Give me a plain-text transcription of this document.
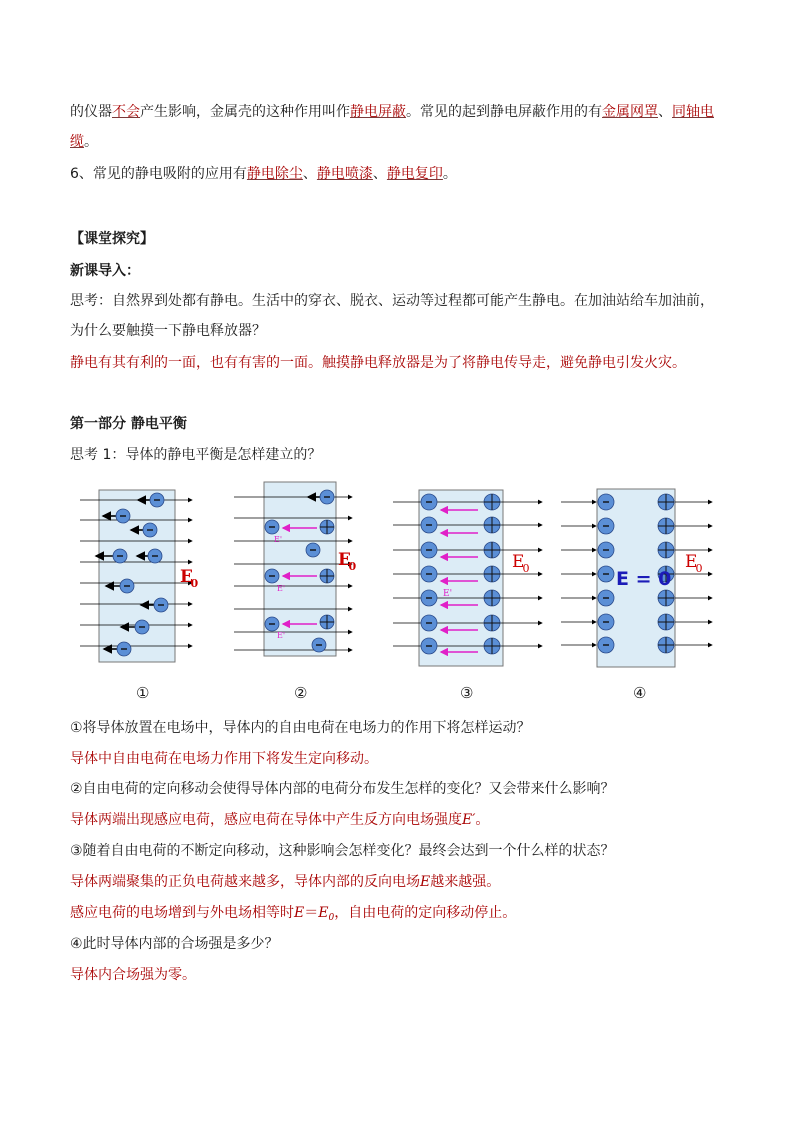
的仪器不会产生影响，金属壳的这种作用叫作静电屏蔽。常见的起到静电屏蔽作用的有金属网罩、同轴电
缆。
6、常见的静电吸附的应用有静电除尘、静电喷漆、静电复印。
【课堂探究】
新课导入：
思考：自然界到处都有静电。生活中的穿衣、脱衣、运动等过程都可能产生静电。在加油站给车加油前，
为什么要触摸一下静电释放器？
静电有其有利的一面，也有有害的一面。触摸静电释放器是为了将静电传导走，避免静电引发火灾。
第一部分 静电平衡
思考 1：导体的静电平衡是怎样建立的？
E
0
E'
E'
E'
E
0
E'
E
0	E = 0
E
0
①	②	③	④
①将导体放置在电场中，导体内的自由电荷在电场力的作用下将怎样运动？
导体中自由电荷在电场力作用下将发生定向移动。
②自由电荷的定向移动会使得导体内部的电荷分布发生怎样的变化？又会带来什么影响？
导体两端出现感应电荷，感应电荷在导体中产生反方向电场强度E′。
③随着自由电荷的不断定向移动，这种影响会怎样变化？最终会达到一个什么样的状态？
导体两端聚集的正负电荷越来越多，导体内部的反向电场E越来越强。
感应电荷的电场增到与外电场相等时$E=E_0$，自由电荷的定向移动停止。
④此时导体内部的合场强是多少？
导体内合场强为零。
